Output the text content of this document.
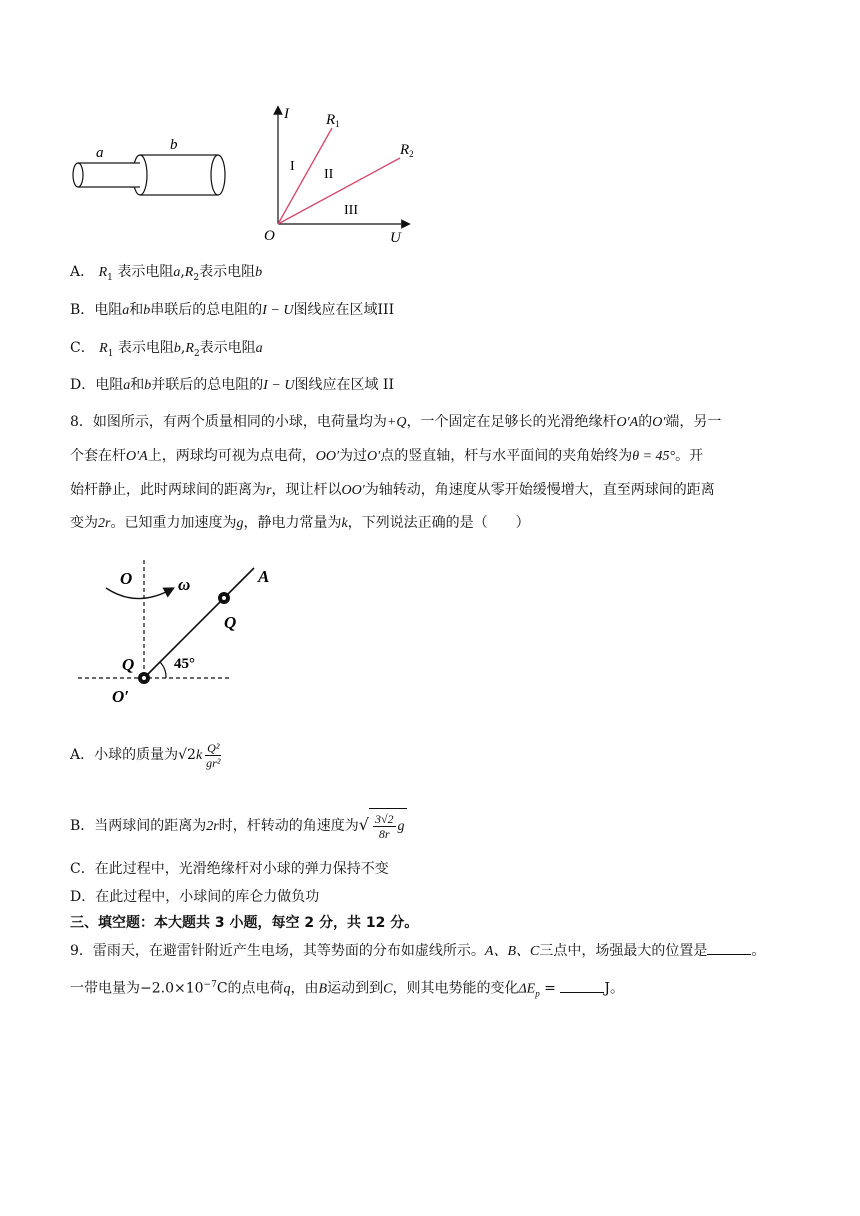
a	b
I
U
O
$R_1$
$R_2$
I
II
III
A． $R_1$ 表示电阻$a,R_2$表示电阻b
B．电阻a和b串联后的总电阻的I − U图线应在区域III
C． $R_1$ 表示电阻$b,R_2$表示电阻a
D．电阻a和b并联后的总电阻的I − U图线应在区域 II
8．如图所示，有两个质量相同的小球，电荷量均为+Q，一个固定在足够长的光滑绝缘杆O′A的O′端，另一
个套在杆O′A上，两球均可视为点电荷，OO′为过O′点的竖直轴，杆与水平面间的夹角始终为θ = 45°。开
始杆静止，此时两球间的距离为r，现让杆以OO′为轴转动，角速度从零开始缓慢增大，直至两球间的距离
变为2r。已知重力加速度为g，静电力常量为k，下列说法正确的是（　　）
O	ω	A
Q
Q	45°
O′
A．小球的质量为$√2k \frac{\text{Q²}}{\text{gr²}}$
B．当两球间的距离为2r时，杆转动的角速度为√ $\frac{3√2}{8r}$ g
C．在此过程中，光滑绝缘杆对小球的弹力保持不变
D．在此过程中，小球间的库仑力做负功
三、填空题：本大题共 3 小题，每空 2 分，共 12 分。
9．雷雨天，在避雷针附近产生电场，其等势面的分布如虚线所示。A、B、C三点中，场强最大的位置是	。
一带电量为$-2.0\times 10^{-7}C$的点电荷q，由B运动到到C，则其电势能的变化$\Delta E_p$ =	J。
